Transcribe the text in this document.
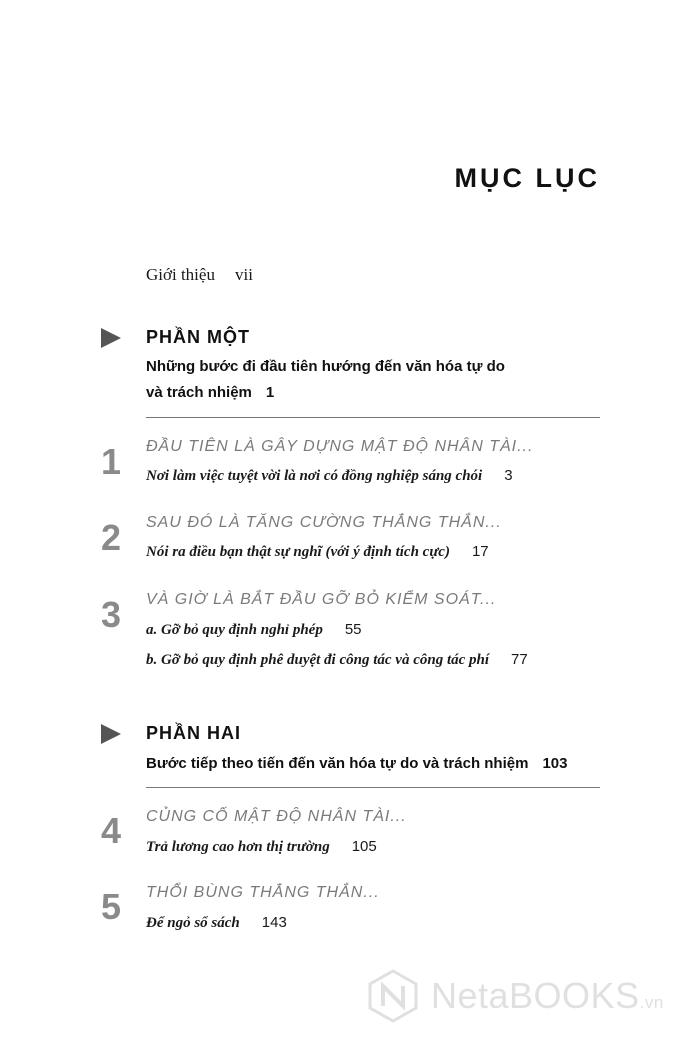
MỤC LỤC
Giới thiệu vii
PHẦN MỘT
Những bước đi đầu tiên hướng đến văn hóa tự do
và trách nhiệm 1
1 ĐẦU TIÊN LÀ GÂY DỰNG MẬT ĐỘ NHÂN TÀI...
Nơi làm việc tuyệt vời là nơi có đồng nghiệp sáng chói 3
2 SAU ĐÓ LÀ TĂNG CƯỜNG THẲNG THẮN...
Nói ra điều bạn thật sự nghĩ (với ý định tích cực) 17
3 VÀ GIỜ LÀ BẮT ĐẦU GỠ BỎ KIỂM SOÁT...
a. Gỡ bỏ quy định nghỉ phép 55
b. Gỡ bỏ quy định phê duyệt đi công tác và công tác phí 77
PHẦN HAI
Bước tiếp theo tiến đến văn hóa tự do và trách nhiệm 103
4 CỦNG CỐ MẬT ĐỘ NHÂN TÀI...
Trả lương cao hơn thị trường 105
5 THỔI BÙNG THẲNG THẮN...
Để ngỏ sổ sách 143
NetaBOOKS.vn
